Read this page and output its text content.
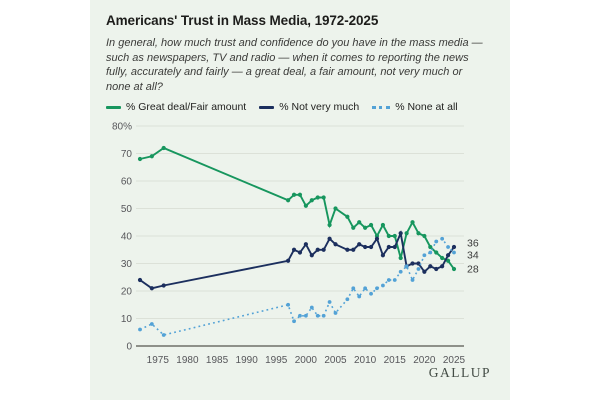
Americans' Trust in Mass Media, 1972-2025
In general, how much trust and confidence do you have in the mass media —
such as newspapers, TV and radio — when it comes to reporting the news
fully, accurately and fairly — a great deal, a fair amount, not very much or
none at all?
% Great deal/Fair amount	% Not very much	% None at all
0
10
20
30
40
50
60
70
80%
1975 1980 1985 1990 1995 2000 2005 2010 2015 2020 2025
36
34
28
GALLUP
